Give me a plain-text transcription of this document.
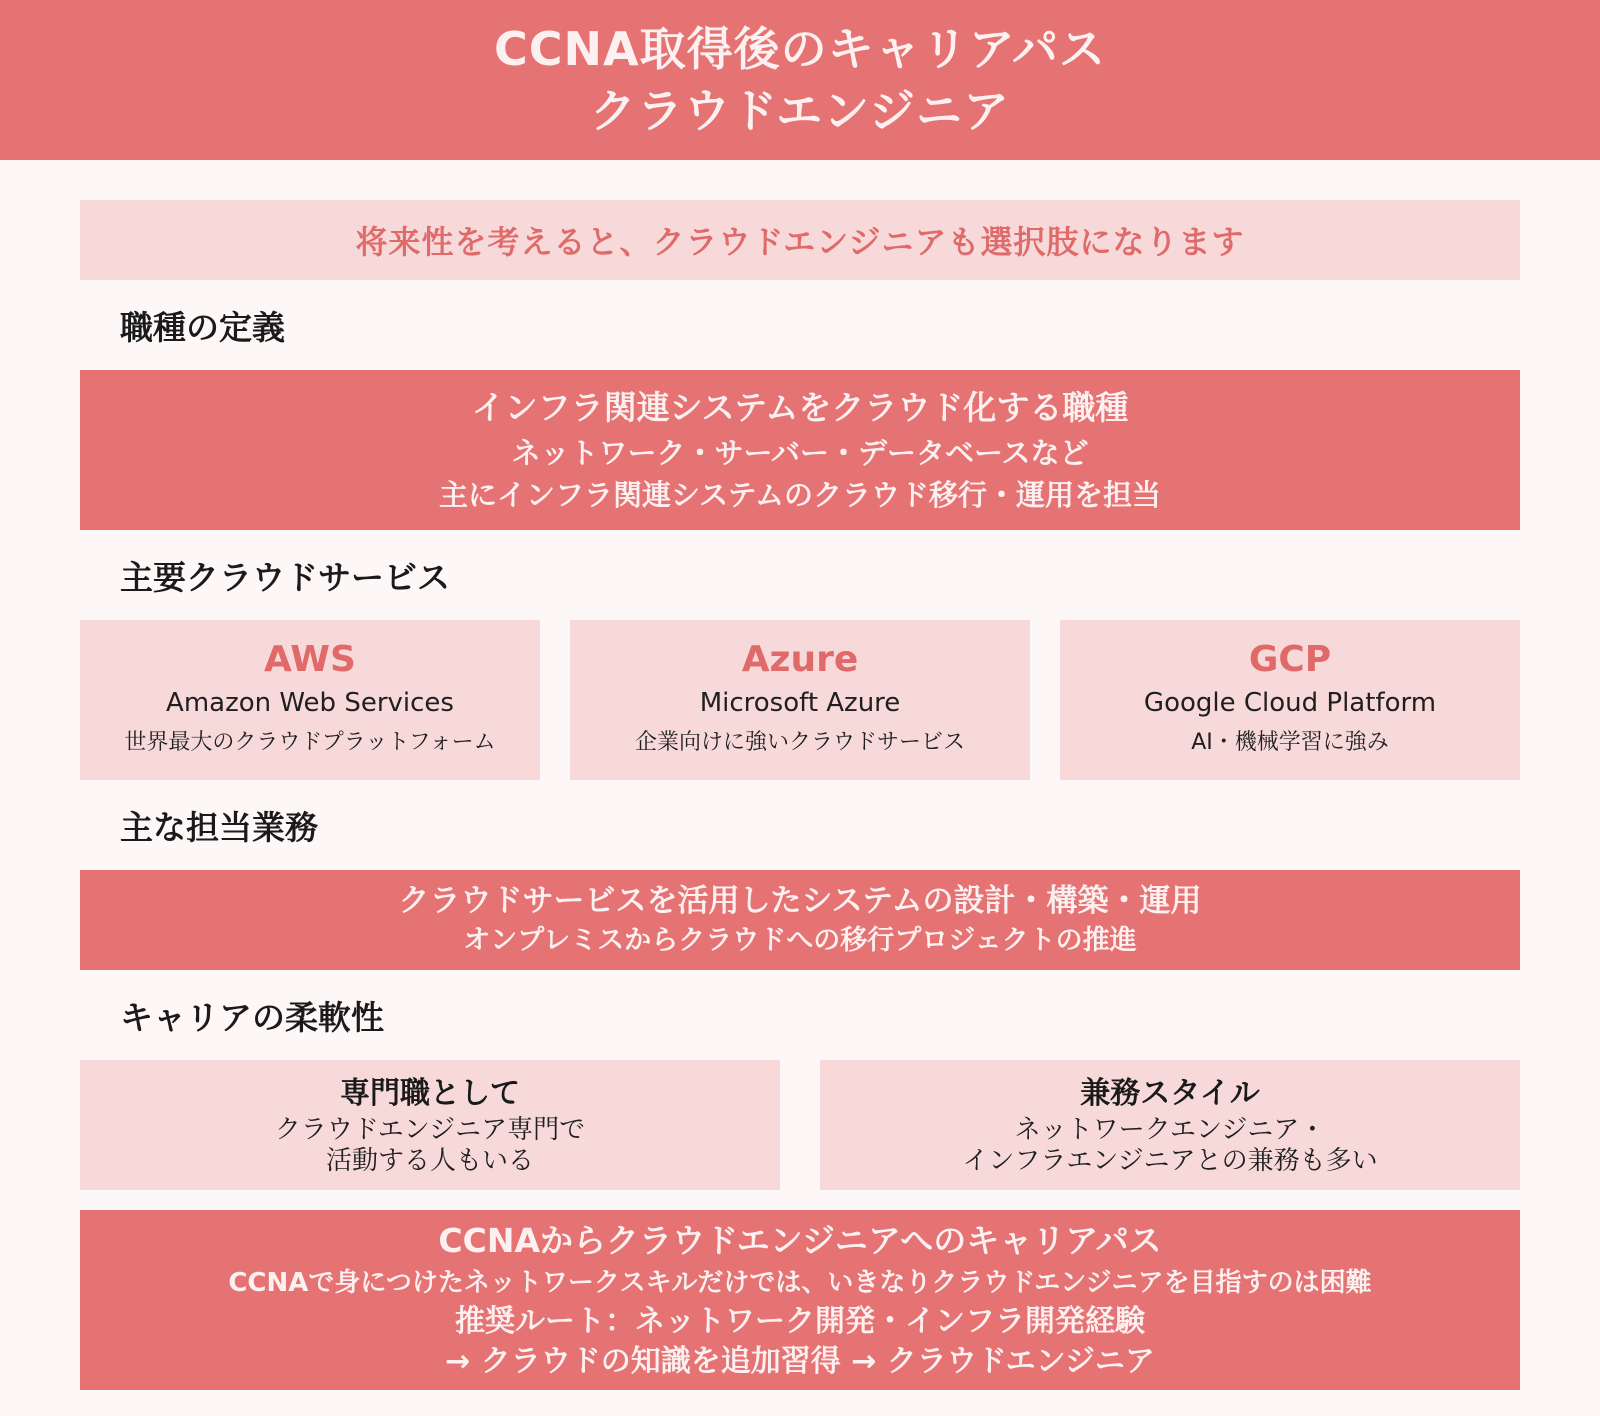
CCNA取得後のキャリアパス
クラウドエンジニア
将来性を考えると、クラウドエンジニアも選択肢になります
職種の定義
インフラ関連システムをクラウド化する職種
ネットワーク・サーバー・データベースなど
主にインフラ関連システムのクラウド移行・運用を担当
主要クラウドサービス
AWS
Amazon Web Services
世界最大のクラウドプラットフォーム
Azure
Microsoft Azure
企業向けに強いクラウドサービス
GCP
Google Cloud Platform
AI・機械学習に強み
主な担当業務
クラウドサービスを活用したシステムの設計・構築・運用
オンプレミスからクラウドへの移行プロジェクトの推進
キャリアの柔軟性
専門職として
クラウドエンジニア専門で
活動する人もいる
兼務スタイル
ネットワークエンジニア・
インフラエンジニアとの兼務も多い
CCNAからクラウドエンジニアへのキャリアパス
CCNAで身につけたネットワークスキルだけでは、いきなりクラウドエンジニアを目指すのは困難
推奨ルート：ネットワーク開発・インフラ開発経験
→ クラウドの知識を追加習得 → クラウドエンジニア
